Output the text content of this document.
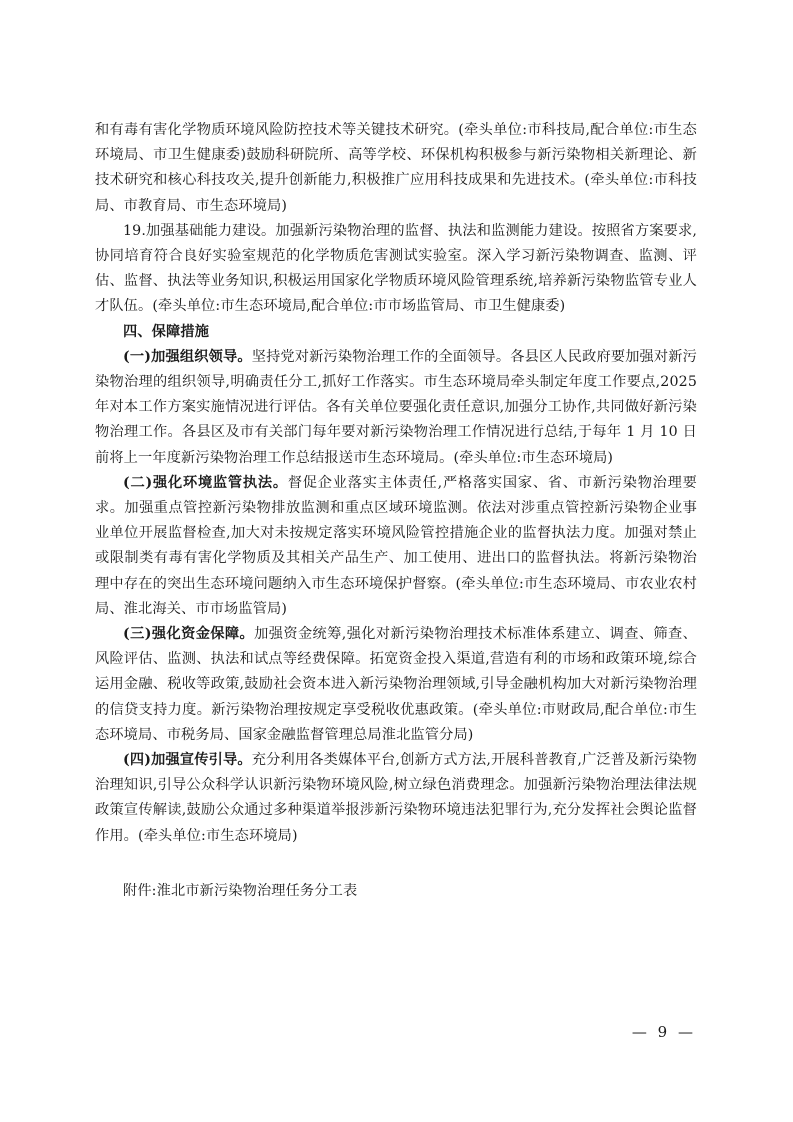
和有毒有害化学物质环境风险防控技术等关键技术研究。(牵头单位:市科技局,配合单位:市生态环境局、市卫生健康委)鼓励科研院所、高等学校、环保机构积极参与新污染物相关新理论、新技术研究和核心科技攻关,提升创新能力,积极推广应用科技成果和先进技术。(牵头单位:市科技局、市教育局、市生态环境局)

19.加强基础能力建设。加强新污染物治理的监督、执法和监测能力建设。按照省方案要求,协同培育符合良好实验室规范的化学物质危害测试实验室。深入学习新污染物调查、监测、评估、监督、执法等业务知识,积极运用国家化学物质环境风险管理系统,培养新污染物监管专业人才队伍。(牵头单位:市生态环境局,配合单位:市市场监管局、市卫生健康委)

四、保障措施

(一)加强组织领导。坚持党对新污染物治理工作的全面领导。各县区人民政府要加强对新污染物治理的组织领导,明确责任分工,抓好工作落实。市生态环境局牵头制定年度工作要点,2025 年对本工作方案实施情况进行评估。各有关单位要强化责任意识,加强分工协作,共同做好新污染物治理工作。各县区及市有关部门每年要对新污染物治理工作情况进行总结,于每年 1 月 10 日前将上一年度新污染物治理工作总结报送市生态环境局。(牵头单位:市生态环境局)

(二)强化环境监管执法。督促企业落实主体责任,严格落实国家、省、市新污染物治理要求。加强重点管控新污染物排放监测和重点区域环境监测。依法对涉重点管控新污染物企业事业单位开展监督检查,加大对未按规定落实环境风险管控措施企业的监督执法力度。加强对禁止或限制类有毒有害化学物质及其相关产品生产、加工使用、进出口的监督执法。将新污染物治理中存在的突出生态环境问题纳入市生态环境保护督察。(牵头单位:市生态环境局、市农业农村局、淮北海关、市市场监管局)

(三)强化资金保障。加强资金统筹,强化对新污染物治理技术标准体系建立、调查、筛查、风险评估、监测、执法和试点等经费保障。拓宽资金投入渠道,营造有利的市场和政策环境,综合运用金融、税收等政策,鼓励社会资本进入新污染物治理领域,引导金融机构加大对新污染物治理的信贷支持力度。新污染物治理按规定享受税收优惠政策。(牵头单位:市财政局,配合单位:市生态环境局、市税务局、国家金融监督管理总局淮北监管分局)

(四)加强宣传引导。充分利用各类媒体平台,创新方式方法,开展科普教育,广泛普及新污染物治理知识,引导公众科学认识新污染物环境风险,树立绿色消费理念。加强新污染物治理法律法规政策宣传解读,鼓励公众通过多种渠道举报涉新污染物环境违法犯罪行为,充分发挥社会舆论监督作用。(牵头单位:市生态环境局)

附件:淮北市新污染物治理任务分工表

— 9 —
